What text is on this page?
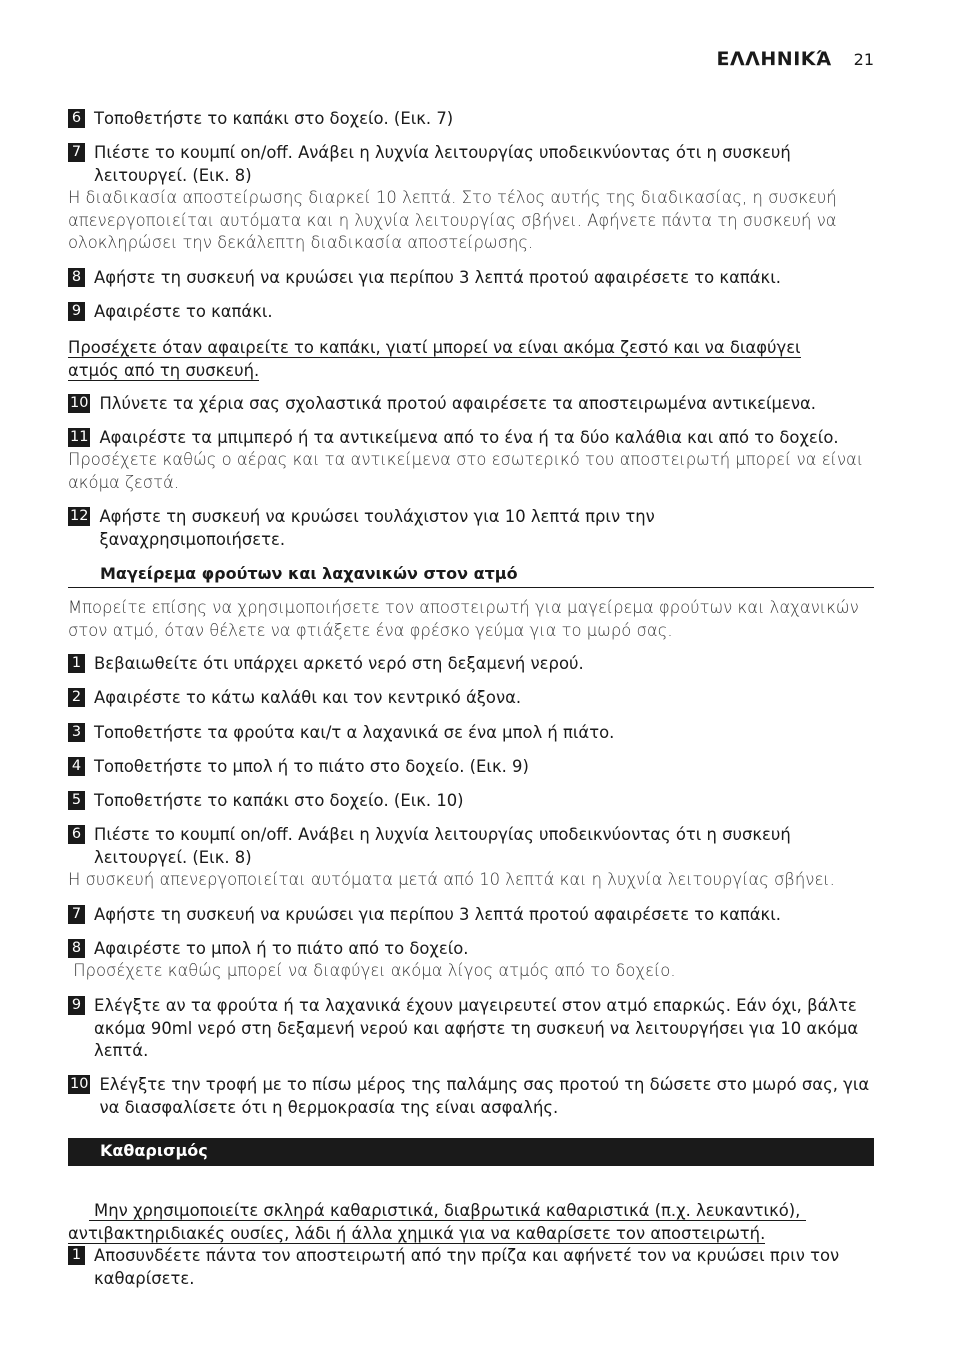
ΕΛΛΗΝΙΚΆ 21
6 Τοποθετήστε το καπάκι στο δοχείο. (Εικ. 7)
7 Πιέστε το κουμπί on/off. Ανάβει η λυχνία λειτουργίας υποδεικνύοντας ότι η συσκευή λειτουργεί. (Εικ. 8)
Η διαδικασία αποστείρωσης διαρκεί 10 λεπτά. Στο τέλος αυτής της διαδικασίας, η συσκευή απενεργοποιείται αυτόματα και η λυχνία λειτουργίας σβήνει. Αφήνετε πάντα τη συσκευή να ολοκληρώσει την δεκάλεπτη διαδικασία αποστείρωσης.
8 Αφήστε τη συσκευή να κρυώσει για περίπου 3 λεπτά προτού αφαιρέσετε το καπάκι.
9 Αφαιρέστε το καπάκι.
Προσέχετε όταν αφαιρείτε το καπάκι, γιατί μπορεί να είναι ακόμα ζεστό και να διαφύγει ατμός από τη συσκευή.
10 Πλύνετε τα χέρια σας σχολαστικά προτού αφαιρέσετε τα αποστειρωμένα αντικείμενα.
11 Αφαιρέστε τα μπιμπερό ή τα αντικείμενα από το ένα ή τα δύο καλάθια και από το δοχείο.
Προσέχετε καθώς ο αέρας και τα αντικείμενα στο εσωτερικό του αποστειρωτή μπορεί να είναι ακόμα ζεστά.
12 Αφήστε τη συσκευή να κρυώσει τουλάχιστον για 10 λεπτά πριν την ξαναχρησιμοποιήσετε.
Μαγείρεμα φρούτων και λαχανικών στον ατμό
Μπορείτε επίσης να χρησιμοποιήσετε τον αποστειρωτή για μαγείρεμα φρούτων και λαχανικών στον ατμό, όταν θέλετε να φτιάξετε ένα φρέσκο γεύμα για το μωρό σας.
1 Βεβαιωθείτε ότι υπάρχει αρκετό νερό στη δεξαμενή νερού.
2 Αφαιρέστε το κάτω καλάθι και τον κεντρικό άξονα.
3 Τοποθετήστε τα φρούτα και/τ α λαχανικά σε ένα μπολ ή πιάτο.
4 Τοποθετήστε το μπολ ή το πιάτο στο δοχείο. (Εικ. 9)
5 Τοποθετήστε το καπάκι στο δοχείο. (Εικ. 10)
6 Πιέστε το κουμπί on/off. Ανάβει η λυχνία λειτουργίας υποδεικνύοντας ότι η συσκευή λειτουργεί. (Εικ. 8)
Η συσκευή απενεργοποιείται αυτόματα μετά από 10 λεπτά και η λυχνία λειτουργίας σβήνει.
7 Αφήστε τη συσκευή να κρυώσει για περίπου 3 λεπτά προτού αφαιρέσετε το καπάκι.
8 Αφαιρέστε το μπολ ή το πιάτο από το δοχείο.
Προσέχετε καθώς μπορεί να διαφύγει ακόμα λίγος ατμός από το δοχείο.
9 Ελέγξτε αν τα φρούτα ή τα λαχανικά έχουν μαγειρευτεί στον ατμό επαρκώς. Εάν όχι, βάλτε ακόμα 90ml νερό στη δεξαμενή νερού και αφήστε τη συσκευή να λειτουργήσει για 10 ακόμα λεπτά.
10 Ελέγξτε την τροφή με το πίσω μέρος της παλάμης σας προτού τη δώσετε στο μωρό σας, για να διασφαλίσετε ότι η θερμοκρασία της είναι ασφαλής.
Καθαρισμός

Μην χρησιμοποιείτε σκληρά καθαριστικά, διαβρωτικά καθαριστικά (π.χ. λευκαντικό), αντιβακτηριδιακές ουσίες, λάδι ή άλλα χημικά για να καθαρίσετε τον αποστειρωτή.

1 Αποσυνδέετε πάντα τον αποστειρωτή από την πρίζα και αφήνετέ τον να κρυώσει πριν τον καθαρίσετε.
